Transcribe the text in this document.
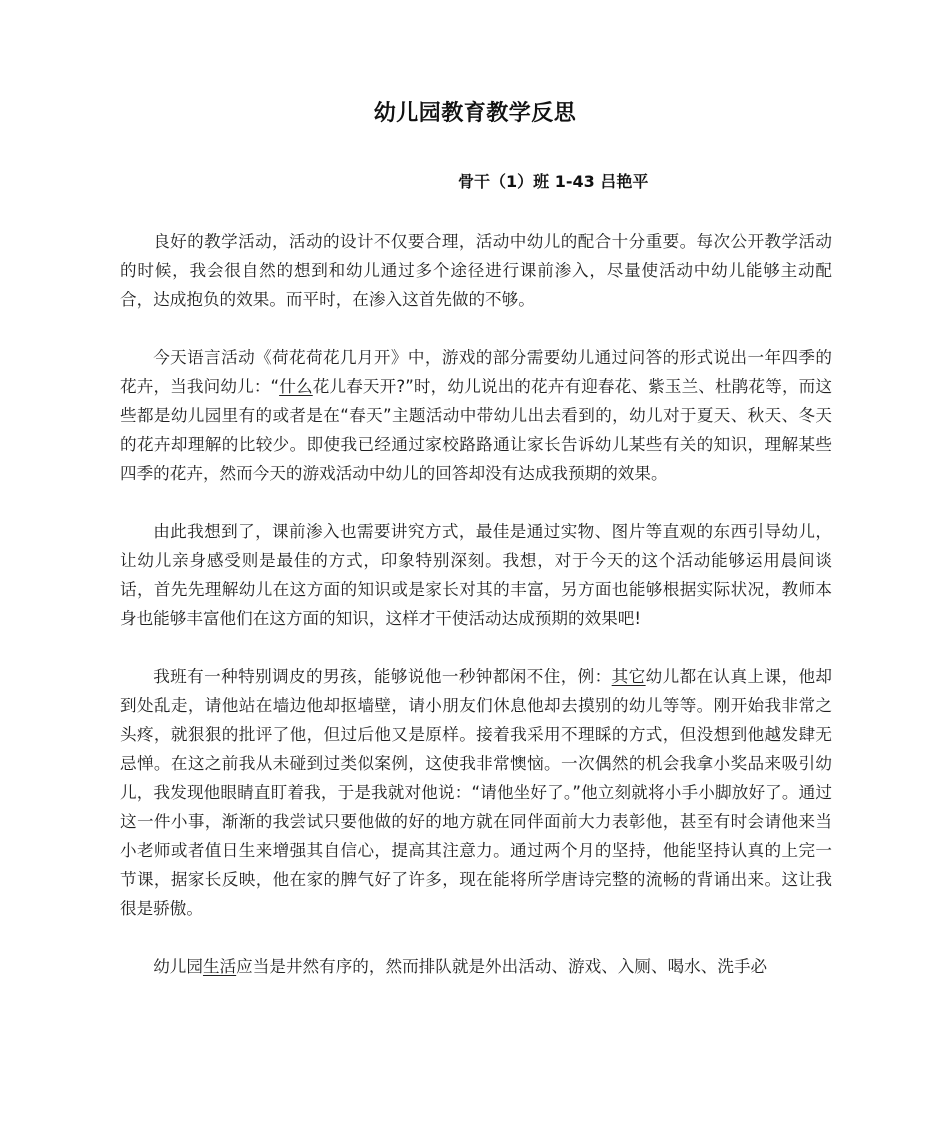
幼儿园教育教学反思
骨干（1）班 1-43 吕艳平

良好的教学活动，活动的设计不仅要合理，活动中幼儿的配合十分重要。每次公开教学活动的时候，我会很自然的想到和幼儿通过多个途径进行课前渗入，尽量使活动中幼儿能够主动配合，达成抱负的效果。而平时，在渗入这首先做的不够。

今天语言活动《荷花荷花几月开》中，游戏的部分需要幼儿通过问答的形式说出一年四季的花卉，当我问幼儿：“什么花儿春天开?”时，幼儿说出的花卉有迎春花、紫玉兰、杜鹃花等，而这些都是幼儿园里有的或者是在“春天”主题活动中带幼儿出去看到的，幼儿对于夏天、秋天、冬天的花卉却理解的比较少。即使我已经通过家校路路通让家长告诉幼儿某些有关的知识，理解某些四季的花卉，然而今天的游戏活动中幼儿的回答却没有达成我预期的效果。

由此我想到了，课前渗入也需要讲究方式，最佳是通过实物、图片等直观的东西引导幼儿，让幼儿亲身感受则是最佳的方式，印象特别深刻。我想，对于今天的这个活动能够运用晨间谈话，首先先理解幼儿在这方面的知识或是家长对其的丰富，另方面也能够根据实际状况，教师本身也能够丰富他们在这方面的知识，这样才干使活动达成预期的效果吧!

我班有一种特别调皮的男孩，能够说他一秒钟都闲不住，例：其它幼儿都在认真上课，他却到处乱走，请他站在墙边他却抠墙壁，请小朋友们休息他却去摸别的幼儿等等。刚开始我非常之头疼，就狠狠的批评了他，但过后他又是原样。接着我采用不理睬的方式，但没想到他越发肆无忌惮。在这之前我从未碰到过类似案例，这使我非常懊恼。一次偶然的机会我拿小奖品来吸引幼儿，我发现他眼睛直盯着我，于是我就对他说：“请他坐好了。”他立刻就将小手小脚放好了。通过这一件小事，渐渐的我尝试只要他做的好的地方就在同伴面前大力表彰他，甚至有时会请他来当小老师或者值日生来增强其自信心，提高其注意力。通过两个月的坚持，他能坚持认真的上完一节课，据家长反映，他在家的脾气好了许多，现在能将所学唐诗完整的流畅的背诵出来。这让我很是骄傲。

幼儿园生活应当是井然有序的，然而排队就是外出活动、游戏、入厕、喝水、洗手必
